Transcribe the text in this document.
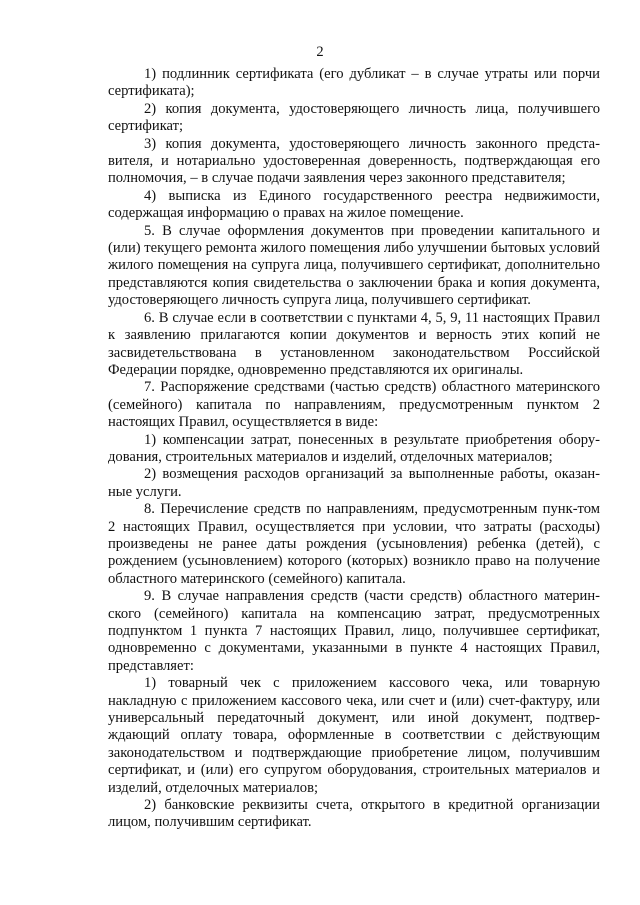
2

1) подлинник сертификата (его дубликат – в случае утраты или порчи сертификата);

2) копия документа, удостоверяющего личность лица, получившего сертификат;

3) копия документа, удостоверяющего личность законного предста-вителя, и нотариально удостоверенная доверенность, подтверждающая его полномочия, – в случае подачи заявления через законного представителя;

4) выписка из Единого государственного реестра недвижимости, содержащая информацию о правах на жилое помещение.

5. В случае оформления документов при проведении капитального и (или) текущего ремонта жилого помещения либо улучшении бытовых условий жилого помещения на супруга лица, получившего сертификат, дополнительно представляются копия свидетельства о заключении брака и копия документа, удостоверяющего личность супруга лица, получившего сертификат.

6. В случае если в соответствии с пунктами 4, 5, 9, 11 настоящих Правил к заявлению прилагаются копии документов и верность этих копий не засвидетельствована в установленном законодательством Российской Федерации порядке, одновременно представляются их оригиналы.

7. Распоряжение средствами (частью средств) областного материнского (семейного) капитала по направлениям, предусмотренным пунктом 2 настоящих Правил, осуществляется в виде:

1) компенсации затрат, понесенных в результате приобретения обору-дования, строительных материалов и изделий, отделочных материалов;

2) возмещения расходов организаций за выполненные работы, оказан-ные услуги.

8. Перечисление средств по направлениям, предусмотренным пунк-том 2 настоящих Правил, осуществляется при условии, что затраты (расходы) произведены не ранее даты рождения (усыновления) ребенка (детей), с рождением (усыновлением) которого (которых) возникло право на получение областного материнского (семейного) капитала.

9. В случае направления средств (части средств) областного материн-ского (семейного) капитала на компенсацию затрат, предусмотренных подпунктом 1 пункта 7 настоящих Правил, лицо, получившее сертификат, одновременно с документами, указанными в пункте 4 настоящих Правил, представляет:

1) товарный чек с приложением кассового чека, или товарную накладную с приложением кассового чека, или счет и (или) счет-фактуру, или универсальный передаточный документ, или иной документ, подтвер-ждающий оплату товара, оформленные в соответствии с действующим законодательством и подтверждающие приобретение лицом, получившим сертификат, и (или) его супругом оборудования, строительных материалов и изделий, отделочных материалов;

2) банковские реквизиты счета, открытого в кредитной организации лицом, получившим сертификат.
